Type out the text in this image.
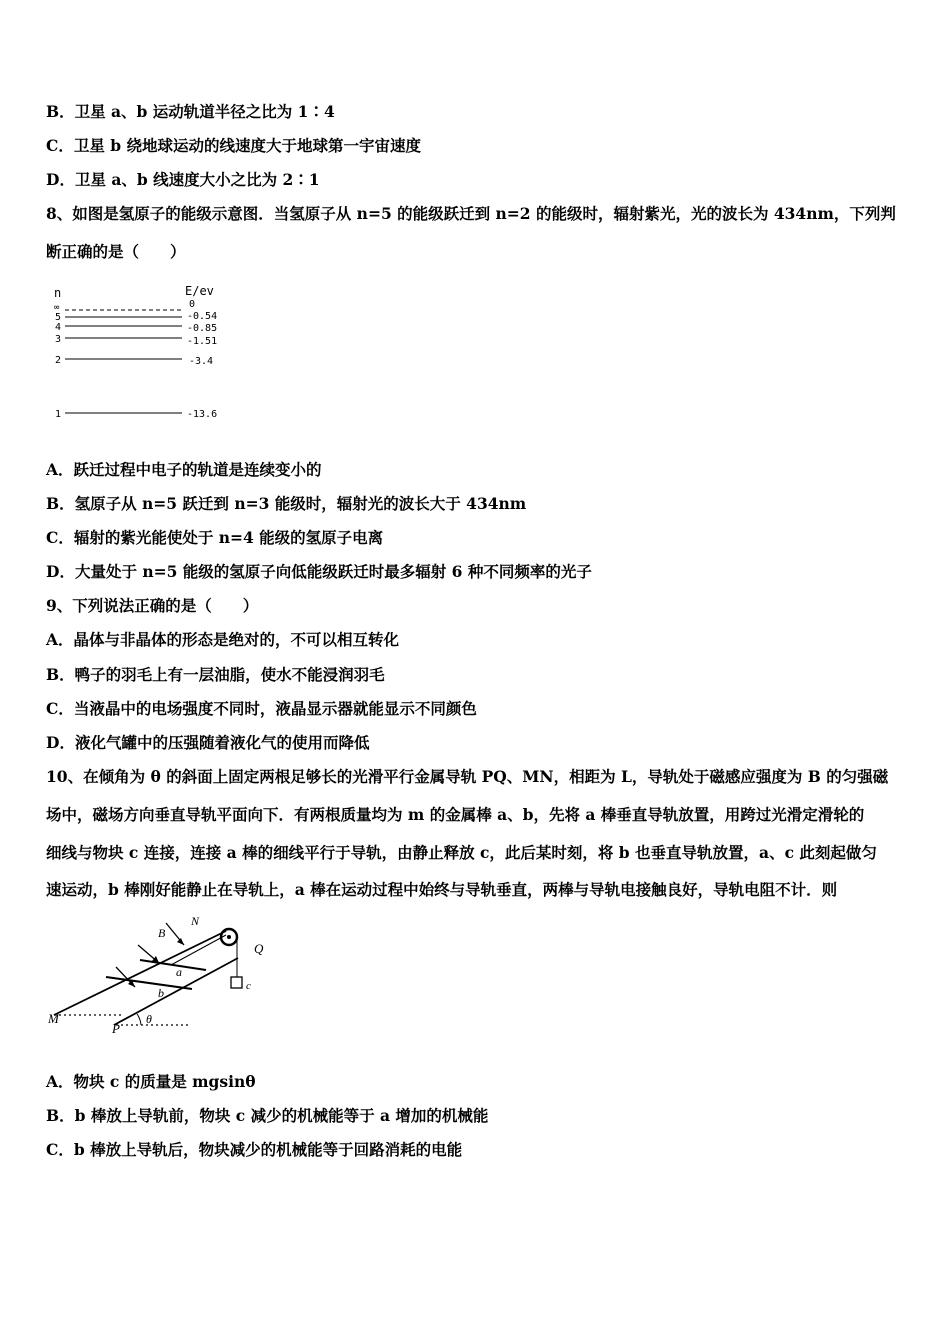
B．卫星 a、b 运动轨道半径之比为 1∶4
C．卫星 b 绕地球运动的线速度大于地球第一宇宙速度
D．卫星 a、b 线速度大小之比为 2∶1
8、如图是氢原子的能级示意图．当氢原子从 n=5 的能级跃迁到 n=2 的能级时，辐射紫光，光的波长为 434nm，下列判
断正确的是（　　）
n	E/ev
∞
5
4
3
2
1
0
-0.54
-0.85
-1.51
-3.4
-13.6
A．跃迁过程中电子的轨道是连续变小的
B．氢原子从 n=5 跃迁到 n=3 能级时，辐射光的波长大于 434nm
C．辐射的紫光能使处于 n=4 能级的氢原子电离
D．大量处于 n=5 能级的氢原子向低能级跃迁时最多辐射 6 种不同频率的光子
9、下列说法正确的是（　　）
A．晶体与非晶体的形态是绝对的，不可以相互转化
B．鸭子的羽毛上有一层油脂，使水不能浸润羽毛
C．当液晶中的电场强度不同时，液晶显示器就能显示不同颜色
D．液化气罐中的压强随着液化气的使用而降低
10、在倾角为 θ 的斜面上固定两根足够长的光滑平行金属导轨 PQ、MN，相距为 L，导轨处于磁感应强度为 B 的匀强磁
场中，磁场方向垂直导轨平面向下．有两根质量均为 m 的金属棒 a、b，先将 a 棒垂直导轨放置，用跨过光滑定滑轮的
细线与物块 c 连接，连接 a 棒的细线平行于导轨，由静止释放 c，此后某时刻，将 b 也垂直导轨放置，a、c 此刻起做匀
速运动，b 棒刚好能静止在导轨上，a 棒在运动过程中始终与导轨垂直，两棒与导轨电接触良好，导轨电阻不计．则
B
N
Q
a
b	c
M
P
θ
A．物块 c 的质量是 mgsinθ
B．b 棒放上导轨前，物块 c 减少的机械能等于 a 增加的机械能
C．b 棒放上导轨后，物块减少的机械能等于回路消耗的电能
